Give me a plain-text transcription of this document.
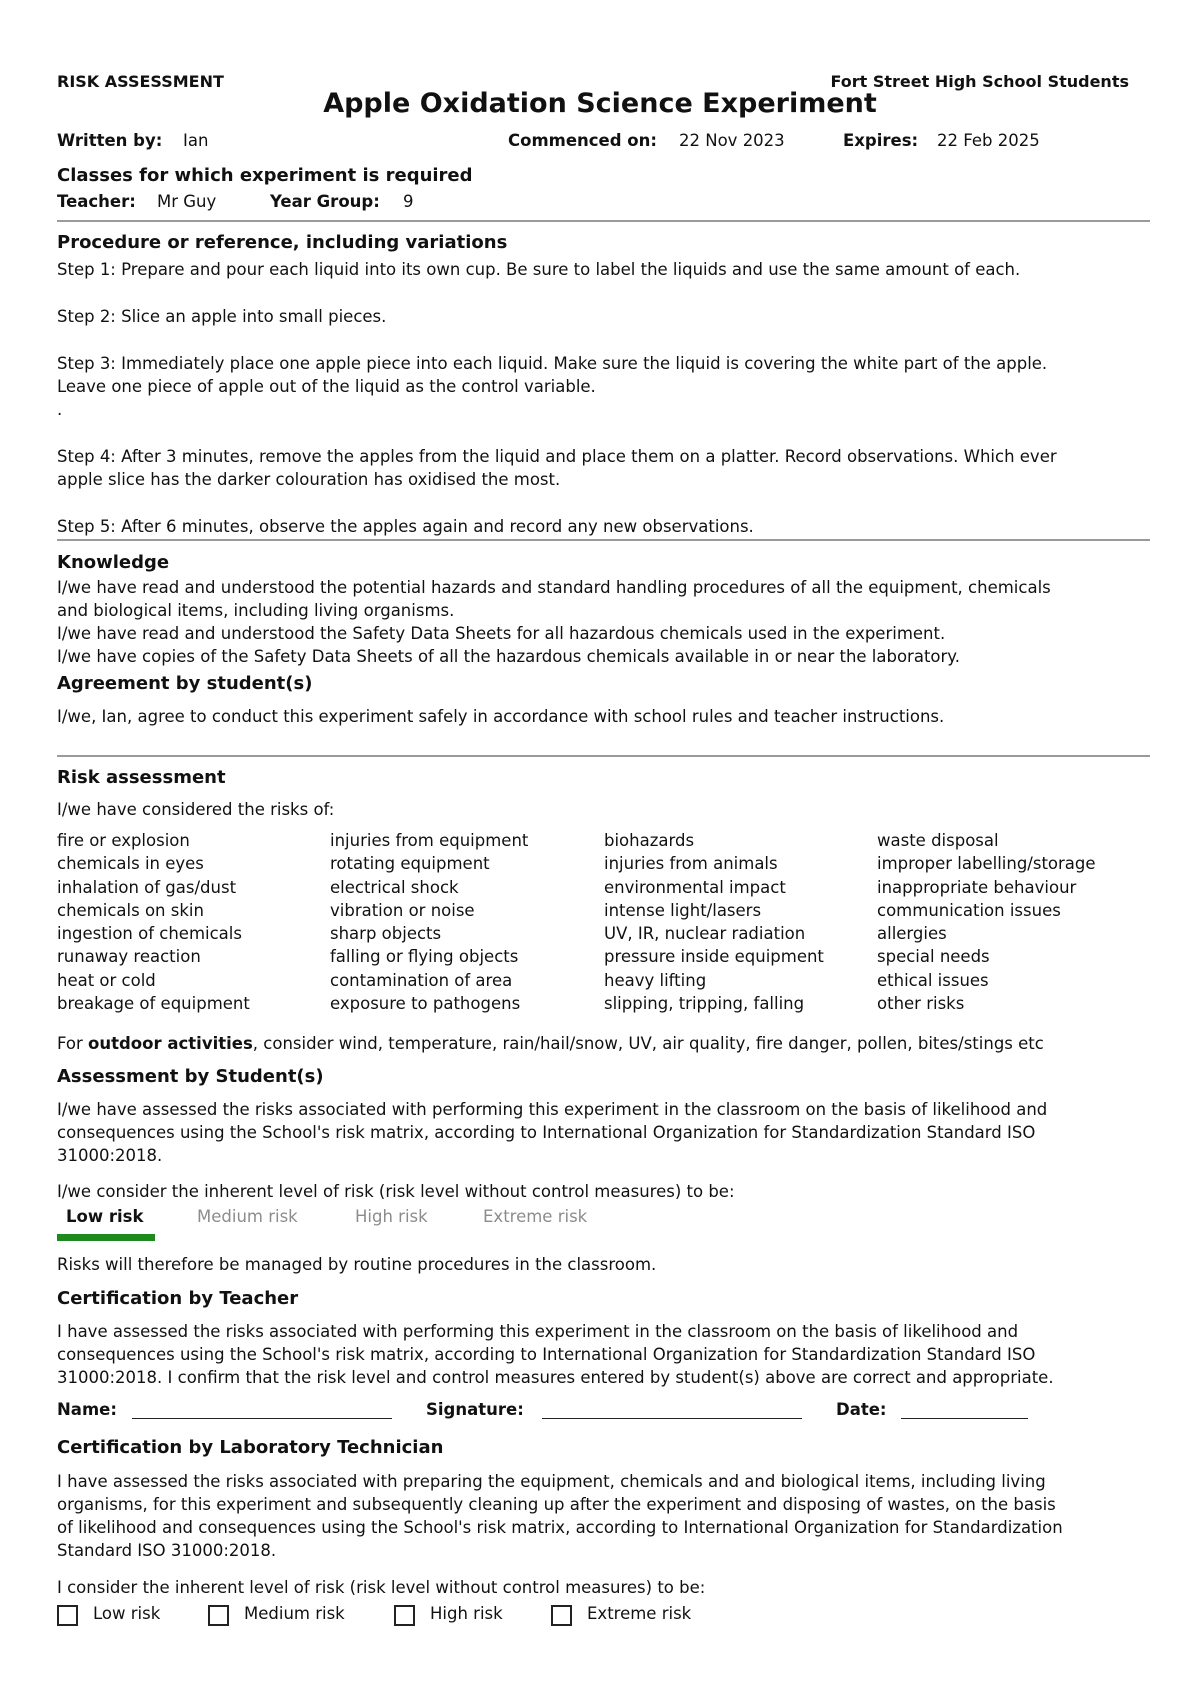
RISK ASSESSMENT	Fort Street High School Students
Apple Oxidation Science Experiment
Written by: Ian	Commenced on: 22 Nov 2023	Expires: 22 Feb 2025
Classes for which experiment is required
Teacher: Mr Guy	Year Group: 9
Procedure or reference, including variations
Step 1: Prepare and pour each liquid into its own cup. Be sure to label the liquids and use the same amount of each.
Step 2: Slice an apple into small pieces.
Step 3: Immediately place one apple piece into each liquid. Make sure the liquid is covering the white part of the apple.
Leave one piece of apple out of the liquid as the control variable.
.
Step 4: After 3 minutes, remove the apples from the liquid and place them on a platter. Record observations. Which ever
apple slice has the darker colouration has oxidised the most.
Step 5: After 6 minutes, observe the apples again and record any new observations.
Knowledge
I/we have read and understood the potential hazards and standard handling procedures of all the equipment, chemicals
and biological items, including living organisms.
I/we have read and understood the Safety Data Sheets for all hazardous chemicals used in the experiment.
I/we have copies of the Safety Data Sheets of all the hazardous chemicals available in or near the laboratory.
Agreement by student(s)
I/we, Ian, agree to conduct this experiment safely in accordance with school rules and teacher instructions.
Risk assessment
I/we have considered the risks of:
fire or explosion
chemicals in eyes
inhalation of gas/dust
chemicals on skin
ingestion of chemicals
runaway reaction
heat or cold
breakage of equipment
injuries from equipment
rotating equipment
electrical shock
vibration or noise
sharp objects
falling or flying objects
contamination of area
exposure to pathogens
biohazards
injuries from animals
environmental impact
intense light/lasers
UV, IR, nuclear radiation
pressure inside equipment
heavy lifting
slipping, tripping, falling
waste disposal
improper labelling/storage
inappropriate behaviour
communication issues
allergies
special needs
ethical issues
other risks
For outdoor activities, consider wind, temperature, rain/hail/snow, UV, air quality, fire danger, pollen, bites/stings etc
Assessment by Student(s)
I/we have assessed the risks associated with performing this experiment in the classroom on the basis of likelihood and
consequences using the School's risk matrix, according to International Organization for Standardization Standard ISO
31000:2018.
I/we consider the inherent level of risk (risk level without control measures) to be:
Low risk	Medium risk	High risk	Extreme risk
Risks will therefore be managed by routine procedures in the classroom.
Certification by Teacher
I have assessed the risks associated with performing this experiment in the classroom on the basis of likelihood and
consequences using the School's risk matrix, according to International Organization for Standardization Standard ISO
31000:2018. I confirm that the risk level and control measures entered by student(s) above are correct and appropriate.
Name:	Signature:	Date:
Certification by Laboratory Technician
I have assessed the risks associated with preparing the equipment, chemicals and and biological items, including living
organisms, for this experiment and subsequently cleaning up after the experiment and disposing of wastes, on the basis
of likelihood and consequences using the School's risk matrix, according to International Organization for Standardization
Standard ISO 31000:2018.
I consider the inherent level of risk (risk level without control measures) to be:
Low risk	Medium risk	High risk	Extreme risk
